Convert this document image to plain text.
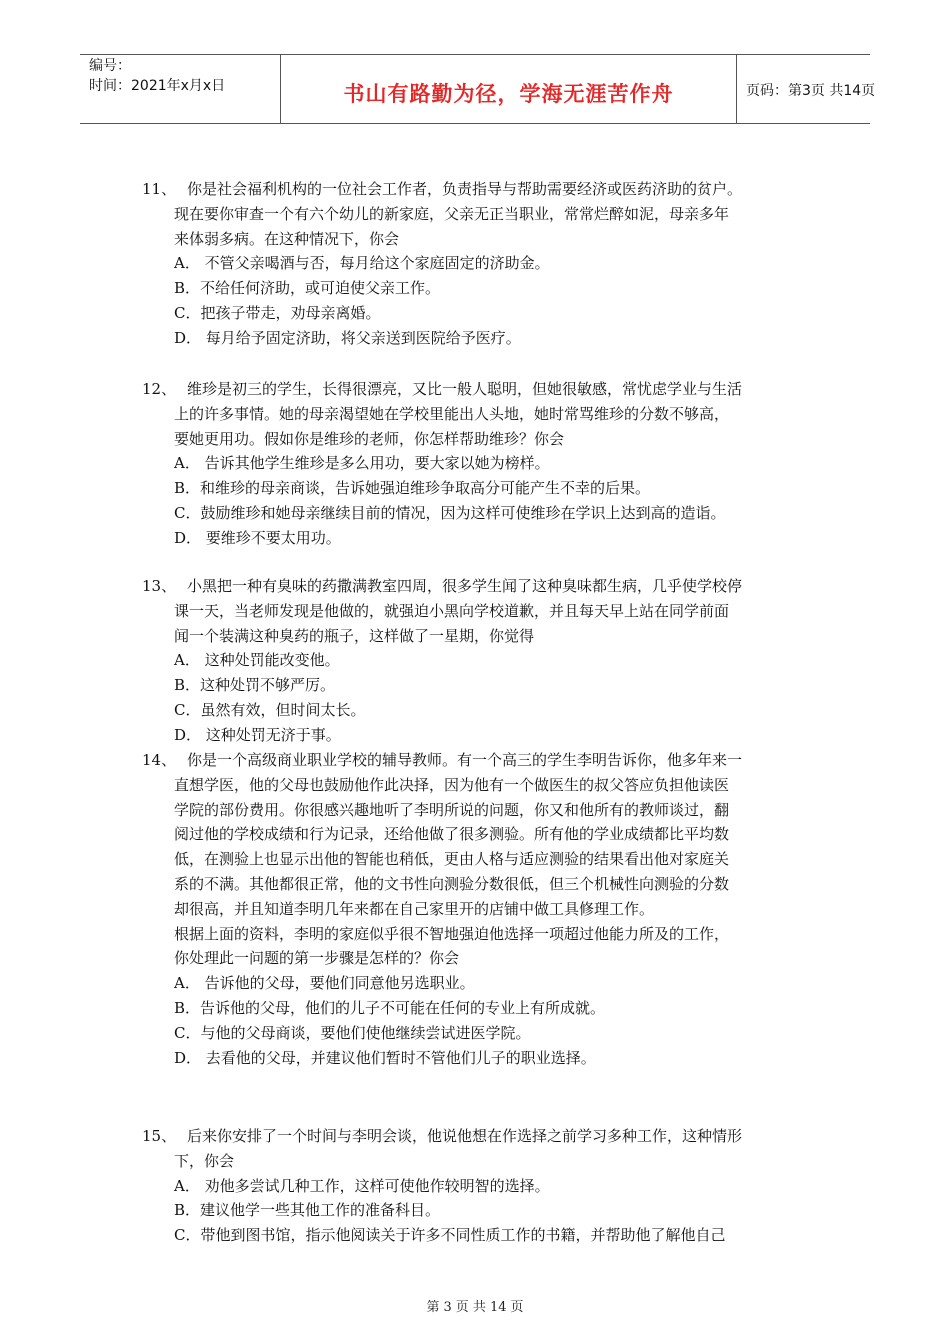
编号：
时间：2021年x月x日	书山有路勤为径，学海无涯苦作舟	页码：第3页 共14页
11、 你是社会福利机构的一位社会工作者，负责指导与帮助需要经济或医药济助的贫户。
现在要你审查一个有六个幼儿的新家庭，父亲无正当职业，常常烂醉如泥，母亲多年
来体弱多病。在这种情况下，你会
A． 不管父亲喝酒与否，每月给这个家庭固定的济助金。
B．不给任何济助，或可迫使父亲工作。
C．把孩子带走，劝母亲离婚。
D． 每月给予固定济助，将父亲送到医院给予医疗。
12、 维珍是初三的学生，长得很漂亮，又比一般人聪明，但她很敏感，常忧虑学业与生活
上的许多事情。她的母亲渴望她在学校里能出人头地，她时常骂维珍的分数不够高，
要她更用功。假如你是维珍的老师，你怎样帮助维珍？你会
A． 告诉其他学生维珍是多么用功，要大家以她为榜样。
B．和维珍的母亲商谈，告诉她强迫维珍争取高分可能产生不幸的后果。
C．鼓励维珍和她母亲继续目前的情况，因为这样可使维珍在学识上达到高的造诣。
D． 要维珍不要太用功。
13、 小黑把一种有臭味的药撒满教室四周，很多学生闻了这种臭味都生病，几乎使学校停
课一天，当老师发现是他做的，就强迫小黑向学校道歉，并且每天早上站在同学前面
闻一个装满这种臭药的瓶子，这样做了一星期，你觉得
A． 这种处罚能改变他。
B．这种处罚不够严厉。
C．虽然有效，但时间太长。
D． 这种处罚无济于事。
14、 你是一个高级商业职业学校的辅导教师。有一个高三的学生李明告诉你，他多年来一
直想学医，他的父母也鼓励他作此决择，因为他有一个做医生的叔父答应负担他读医
学院的部份费用。你很感兴趣地听了李明所说的问题，你又和他所有的教师谈过，翻
阅过他的学校成绩和行为记录，还给他做了很多测验。所有他的学业成绩都比平均数
低，在测验上也显示出他的智能也稍低，更由人格与适应测验的结果看出他对家庭关
系的不满。其他都很正常，他的文书性向测验分数很低，但三个机械性向测验的分数
却很高，并且知道李明几年来都在自己家里开的店铺中做工具修理工作。
根据上面的资料，李明的家庭似乎很不智地强迫他选择一项超过他能力所及的工作，
你处理此一问题的第一步骤是怎样的？你会
A． 告诉他的父母，要他们同意他另选职业。
B．告诉他的父母，他们的儿子不可能在任何的专业上有所成就。
C．与他的父母商谈，要他们使他继续尝试进医学院。
D． 去看他的父母，并建议他们暂时不管他们儿子的职业选择。
15、 后来你安排了一个时间与李明会谈，他说他想在作选择之前学习多种工作，这种情形
下，你会
A． 劝他多尝试几种工作，这样可使他作较明智的选择。
B．建议他学一些其他工作的准备科目。
C．带他到图书馆，指示他阅读关于许多不同性质工作的书籍，并帮助他了解他自己
第 3 页 共 14 页
